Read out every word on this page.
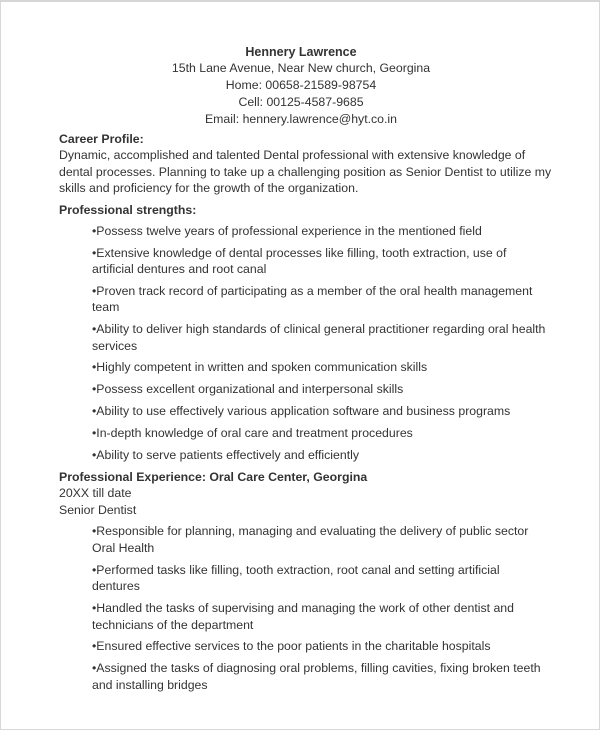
Hennery Lawrence
15th Lane Avenue, Near New church, Georgina
Home: 00658-21589-98754
Cell: 00125-4587-9685
Email: hennery.lawrence@hyt.co.in
Career Profile:
Dynamic, accomplished and talented Dental professional with extensive knowledge of dental processes. Planning to take up a challenging position as Senior Dentist to utilize my skills and proficiency for the growth of the organization.
Professional strengths:
•Possess twelve years of professional experience in the mentioned field
•Extensive knowledge of dental processes like filling, tooth extraction, use of artificial dentures and root canal
•Proven track record of participating as a member of the oral health management team
•Ability to deliver high standards of clinical general practitioner regarding oral health services
•Highly competent in written and spoken communication skills
•Possess excellent organizational and interpersonal skills
•Ability to use effectively various application software and business programs
•In-depth knowledge of oral care and treatment procedures
•Ability to serve patients effectively and efficiently
Professional Experience: Oral Care Center, Georgina
20XX till date
Senior Dentist
•Responsible for planning, managing and evaluating the delivery of public sector Oral Health
•Performed tasks like filling, tooth extraction, root canal and setting artificial dentures
•Handled the tasks of supervising and managing the work of other dentist and technicians of the department
•Ensured effective services to the poor patients in the charitable hospitals
•Assigned the tasks of diagnosing oral problems, filling cavities, fixing broken teeth and installing bridges
